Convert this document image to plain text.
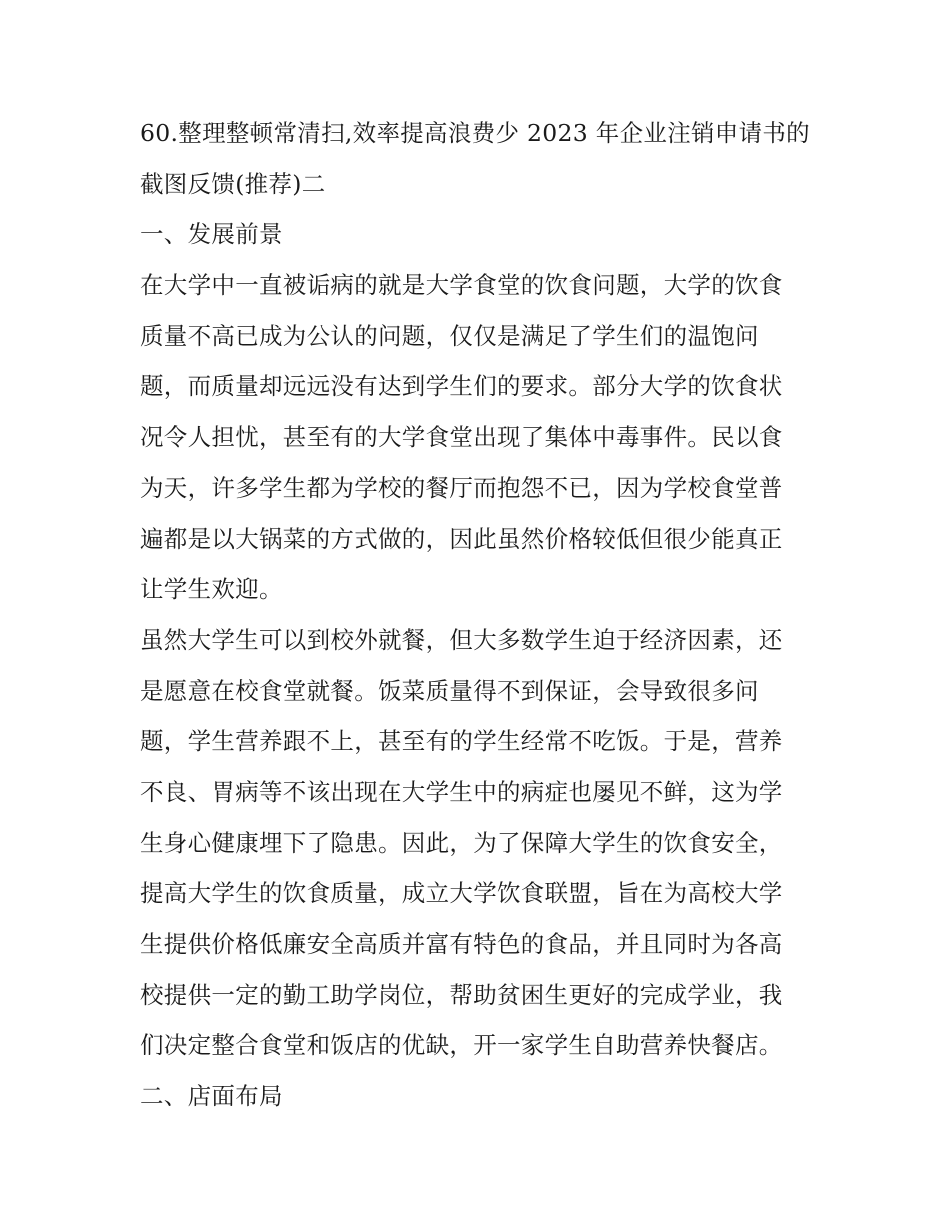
60.整理整顿常清扫,效率提高浪费少 2023 年企业注销申请书的
截图反馈(推荐)二
一、发展前景
在大学中一直被诟病的就是大学食堂的饮食问题，大学的饮食
质量不高已成为公认的问题，仅仅是满足了学生们的温饱问
题，而质量却远远没有达到学生们的要求。部分大学的饮食状
况令人担忧，甚至有的大学食堂出现了集体中毒事件。民以食
为天，许多学生都为学校的餐厅而抱怨不已，因为学校食堂普
遍都是以大锅菜的方式做的，因此虽然价格较低但很少能真正
让学生欢迎。
虽然大学生可以到校外就餐，但大多数学生迫于经济因素，还
是愿意在校食堂就餐。饭菜质量得不到保证，会导致很多问
题，学生营养跟不上，甚至有的学生经常不吃饭。于是，营养
不良、胃病等不该出现在大学生中的病症也屡见不鲜，这为学
生身心健康埋下了隐患。因此，为了保障大学生的饮食安全，
提高大学生的饮食质量，成立大学饮食联盟，旨在为高校大学
生提供价格低廉安全高质并富有特色的食品，并且同时为各高
校提供一定的勤工助学岗位，帮助贫困生更好的完成学业，我
们决定整合食堂和饭店的优缺，开一家学生自助营养快餐店。
二、店面布局
